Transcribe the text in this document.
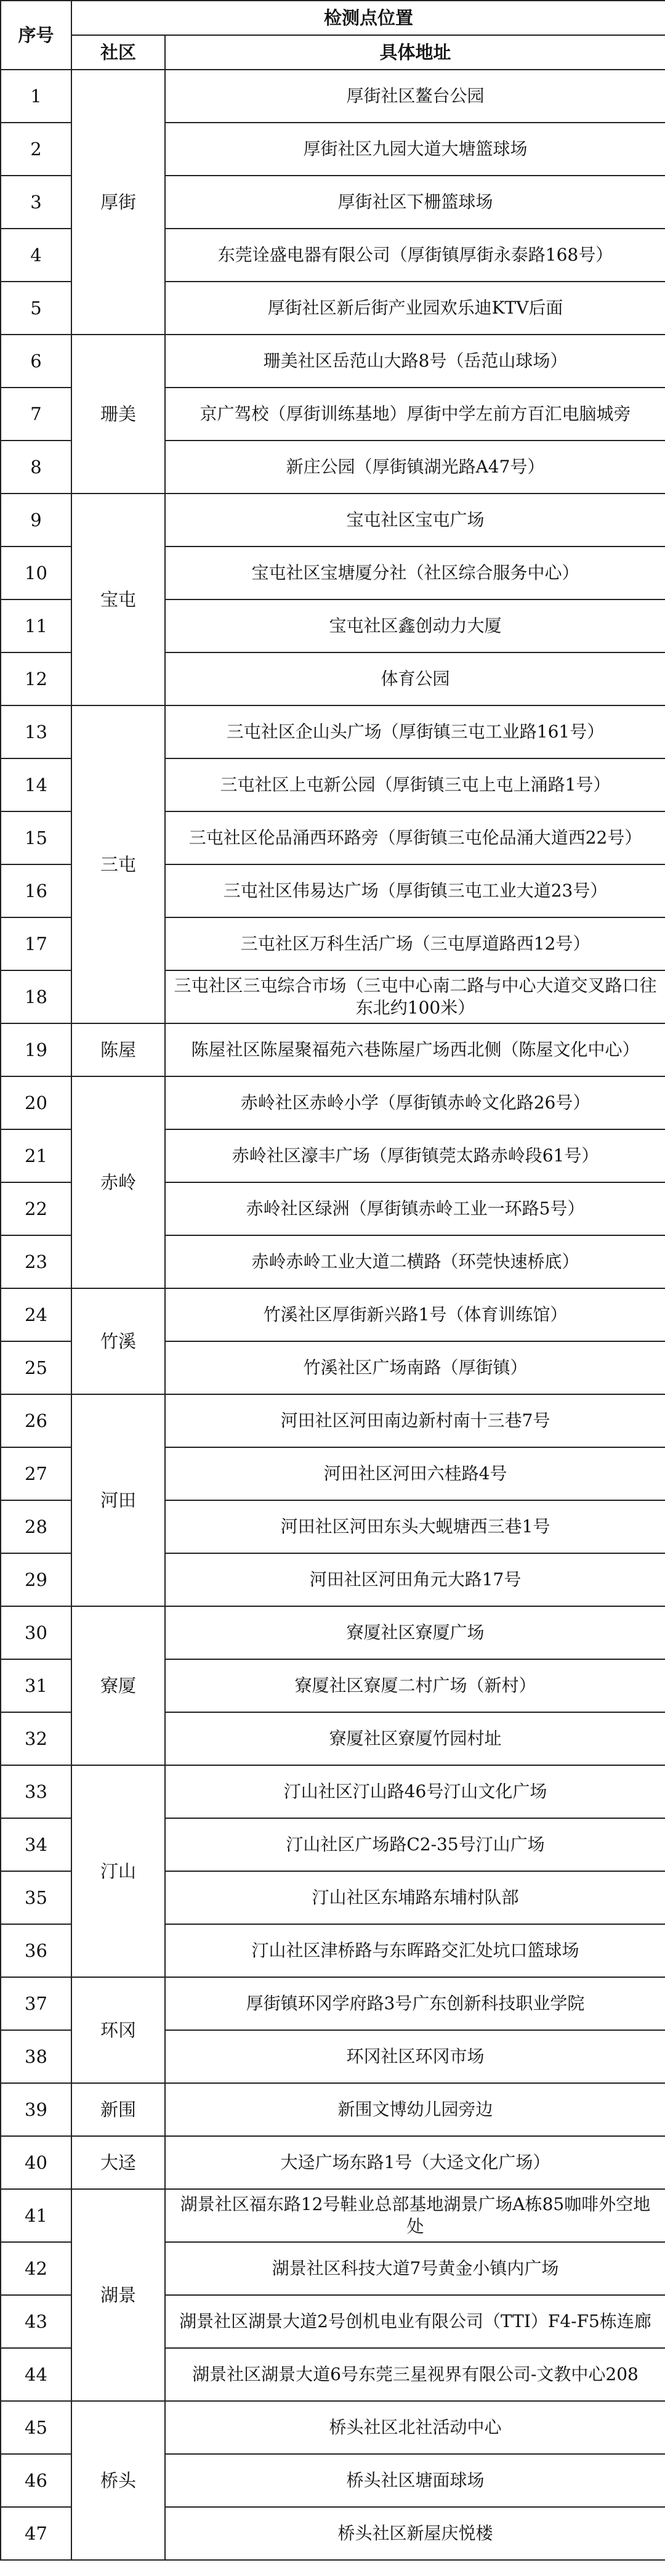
序号	检测点位置	
	社区	具体地址
1	厚街	厚街社区鳌台公园
2		厚街社区九园大道大塘篮球场
3		厚街社区下栅篮球场
4		东莞诠盛电器有限公司（厚街镇厚街永泰路168号）
5		厚街社区新后街产业园欢乐迪KTV后面
6	珊美	珊美社区岳范山大路8号（岳范山球场）
7		京广驾校（厚街训练基地）厚街中学左前方百汇电脑城旁
8		新庄公园（厚街镇湖光路A47号）
9	宝屯	宝屯社区宝屯广场
10		宝屯社区宝塘厦分社（社区综合服务中心）
11		宝屯社区鑫创动力大厦
12		体育公园
13	三屯	三屯社区企山头广场（厚街镇三屯工业路161号）
14		三屯社区上屯新公园（厚街镇三屯上屯上涌路1号）
15		三屯社区伦品涌西环路旁（厚街镇三屯伦品涌大道西22号）
16		三屯社区伟易达广场（厚街镇三屯工业大道23号）
17		三屯社区万科生活广场（三屯厚道路西12号）
18		三屯社区三屯综合市场（三屯中心南二路与中心大道交叉路口往东北约100米）
19	陈屋	陈屋社区陈屋聚福苑六巷陈屋广场西北侧（陈屋文化中心）
20	赤岭	赤岭社区赤岭小学（厚街镇赤岭文化路26号）
21		赤岭社区濠丰广场（厚街镇莞太路赤岭段61号）
22		赤岭社区绿洲（厚街镇赤岭工业一环路5号）
23		赤岭赤岭工业大道二横路（环莞快速桥底）
24	竹溪	竹溪社区厚街新兴路1号（体育训练馆）
25		竹溪社区广场南路（厚街镇）
26	河田	河田社区河田南边新村南十三巷7号
27		河田社区河田六桂路4号
28		河田社区河田东头大蚬塘西三巷1号
29		河田社区河田角元大路17号
30	寮厦	寮厦社区寮厦广场
31		寮厦社区寮厦二村广场（新村）
32		寮厦社区寮厦竹园村址
33	汀山	汀山社区汀山路46号汀山文化广场
34		汀山社区广场路C2-35号汀山广场
35		汀山社区东埔路东埔村队部
36		汀山社区津桥路与东晖路交汇处坑口篮球场
37	环冈	厚街镇环冈学府路3号广东创新科技职业学院
38		环冈社区环冈市场
39	新围	新围文博幼儿园旁边
40	大迳	大迳广场东路1号（大迳文化广场）
41	湖景	湖景社区福东路12号鞋业总部基地湖景广场A栋85咖啡外空地处
42		湖景社区科技大道7号黄金小镇内广场
43		湖景社区湖景大道2号创机电业有限公司（TTI）F4-F5栋连廊
44		湖景社区湖景大道6号东莞三星视界有限公司-文教中心208
45	桥头	桥头社区北社活动中心
46		桥头社区塘面球场
47		桥头社区新屋庆悦楼
